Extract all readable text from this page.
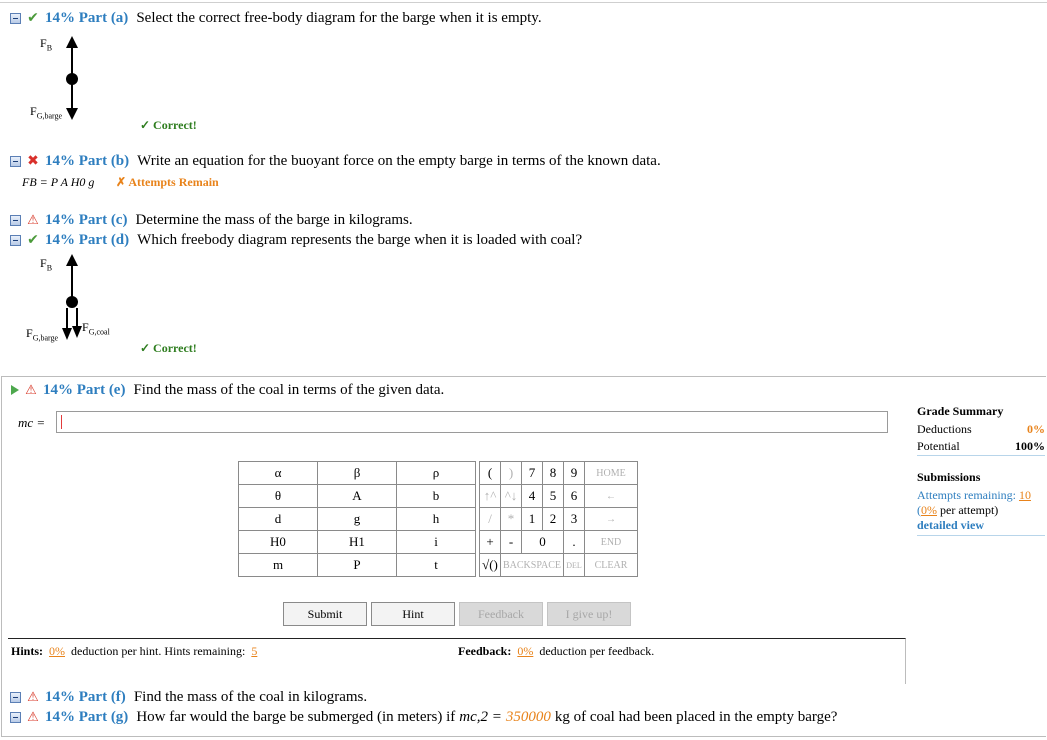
✔ 14% Part (a) Select the correct free-body diagram for the barge when it is empty.
$F_B$
$F_{G,barge}$
✓ Correct!
✖ 14% Part (b) Write an equation for the buoyant force on the empty barge in terms of the known data.
FB = P A H0 g ✗ Attempts Remain
⚠ 14% Part (c) Determine the mass of the barge in kilograms.
✔ 14% Part (d) Which freebody diagram represents the barge when it is loaded with coal?
$F_B$
$F_{G,barge}$
$F_{G,coal}$
✓ Correct!
⚠ 14% Part (e) Find the mass of the coal in terms of the given data.
mc =
α	β	ρ
θ	A	b
d	g	h
H0	H1	i
m	P	t
(	)	7	8	9	HOME
↑^	^↓	4	5	6	←
/	*	1	2	3	→
+	-	0		.	END
√()	BACKSPACE			DEL	CLEAR
Submit	Hint	Feedback	I give up!
Hints: 0% deduction per hint. Hints remaining: 5	Feedback: 0% deduction per feedback.
Grade Summary
Deductions	0%
Potential	100%
Submissions
Attempts remaining: 10
(0% per attempt)
detailed view
⚠ 14% Part (f) Find the mass of the coal in kilograms.
⚠ 14% Part (g) How far would the barge be submerged (in meters) if mc,2 = 350000 kg of coal had been placed in the empty barge?
